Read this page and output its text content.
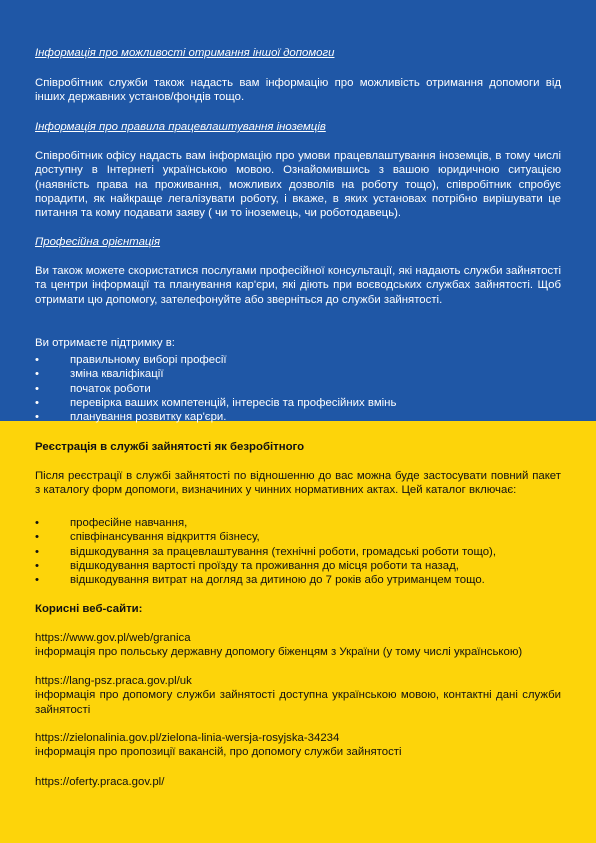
Інформація про можливості отримання іншої допомоги

Співробітник служби також надасть вам інформацію про можливість отримання допомоги від інших державних установ/фондів тощо.

Інформація про правила працевлаштування іноземців

Співробітник офісу надасть вам інформацію про умови працевлаштування іноземців, в тому числі доступну в Інтернеті українською мовою. Ознайомившись з вашою юридичною ситуацією (наявність права на проживання, можливих дозволів на роботу тощо), співробітник спробує порадити, як найкраще легалізувати роботу, і вкаже, в яких установах потрібно вирішувати це питання та кому подавати заяву ( чи то іноземець, чи роботодавець).

Професійна орієнтація

Ви також можете скористатися послугами професійної консультації, які надають служби зайнятості та центри інформації та планування кар'єри, які діють при воєводських службах зайнятості. Щоб отримати цю допомогу, зателефонуйте або зверніться до служби зайнятості.

Ви отримаєте підтримку в:

• правильному виборі професії
• зміна кваліфікації
• початок роботи
• перевірка ваших компетенцій, інтересів та професійних вмінь
• планування розвитку кар'єри.

Реєстрація в службі зайнятості як безробітного

Після реєстрації в службі зайнятості по відношенню до вас можна буде застосувати повний пакет з каталогу форм допомоги, визначиних у чинних нормативних актах. Цей каталог включає:

• професійне навчання,
• співфінансування відкриття бізнесу,
• відшкодування за працевлаштування (технічні роботи, громадські роботи тощо),
• відшкодування вартості проїзду та проживання до місця роботи та назад,
• відшкодування витрат на догляд за дитиною до 7 років або утриманцем тощо.

Корисні веб-сайти:

https://www.gov.pl/web/granica

інформація про польську державну допомогу біженцям з України (у тому числі українською)

https://lang-psz.praca.gov.pl/uk

інформація про допомогу служби зайнятості доступна українською мовою, контактні дані служби зайнятості

https://zielonalinia.gov.pl/zielona-linia-wersja-rosyjska-34234

інформація про пропозиції вакансій, про допомогу служби зайнятості

https://oferty.praca.gov.pl/
